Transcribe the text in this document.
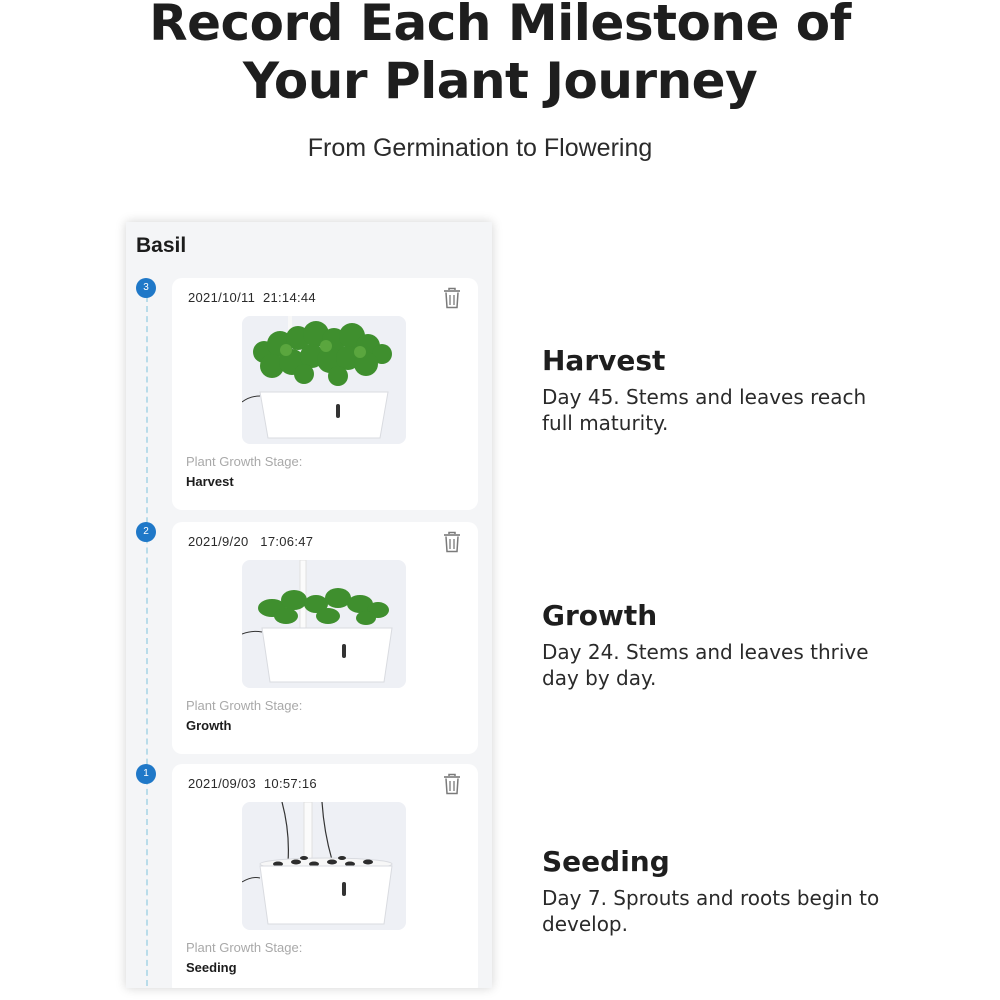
Record Each Milestone of
Your Plant Journey
From Germination to Flowering
Basil
3
2021/10/11 21:14:44
Plant Growth Stage:
Harvest
2
2021/9/20 17:06:47
Plant Growth Stage:
Growth
1
2021/09/03 10:57:16
Plant Growth Stage:
Seeding
Harvest

Day 45. Stems and leaves reach full maturity.

Growth

Day 24. Stems and leaves thrive day by day.

Seeding

Day 7. Sprouts and roots begin to develop.
